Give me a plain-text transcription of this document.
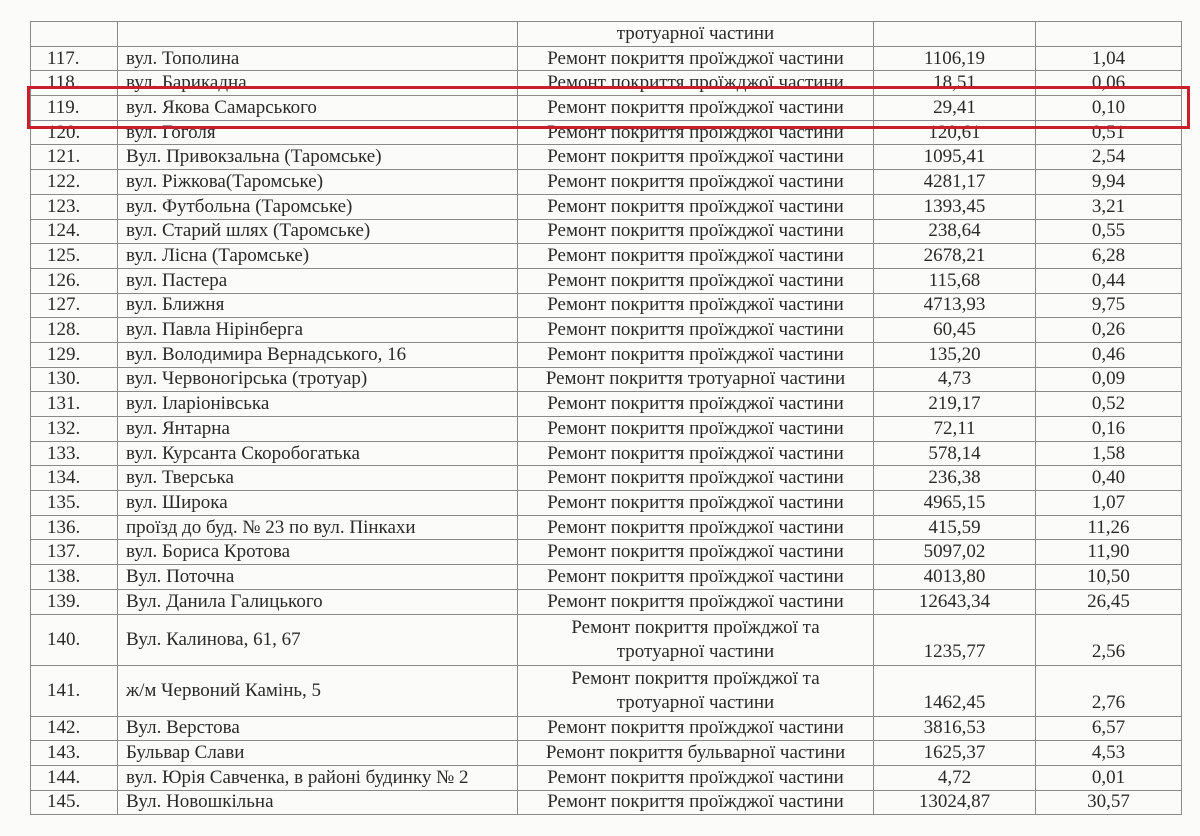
		тротуарної частини		
117.	вул. Тополина	Ремонт покриття проїжджої частини	1106,19	1,04
118.	вул. Барикадна	Ремонт покриття проїжджої частини	18,51	0,06
119.	вул. Якова Самарського	Ремонт покриття проїжджої частини	29,41	0,10
120.	вул. Гоголя	Ремонт покриття проїжджої частини	120,61	0,51
121.	Вул. Привокзальна (Таромське)	Ремонт покриття проїжджої частини	1095,41	2,54
122.	вул. Ріжкова(Таромське)	Ремонт покриття проїжджої частини	4281,17	9,94
123.	вул. Футбольна (Таромське)	Ремонт покриття проїжджої частини	1393,45	3,21
124.	вул. Старий шлях (Таромське)	Ремонт покриття проїжджої частини	238,64	0,55
125.	вул. Лісна (Таромське)	Ремонт покриття проїжджої частини	2678,21	6,28
126.	вул. Пастера	Ремонт покриття проїжджої частини	115,68	0,44
127.	вул. Ближня	Ремонт покриття проїжджої частини	4713,93	9,75
128.	вул. Павла Нірінберга	Ремонт покриття проїжджої частини	60,45	0,26
129.	вул. Володимира Вернадського, 16	Ремонт покриття проїжджої частини	135,20	0,46
130.	вул. Червоногірська (тротуар)	Ремонт покриття тротуарної частини	4,73	0,09
131.	вул. Іларіонівська	Ремонт покриття проїжджої частини	219,17	0,52
132.	вул. Янтарна	Ремонт покриття проїжджої частини	72,11	0,16
133.	вул. Курсанта Скоробогатька	Ремонт покриття проїжджої частини	578,14	1,58
134.	вул. Тверська	Ремонт покриття проїжджої частини	236,38	0,40
135.	вул. Широка	Ремонт покриття проїжджої частини	4965,15	1,07
136.	проїзд до буд. № 23 по вул. Пінкахи	Ремонт покриття проїжджої частини	415,59	11,26
137.	вул. Бориса Кротова	Ремонт покриття проїжджої частини	5097,02	11,90
138.	Вул. Поточна	Ремонт покриття проїжджої частини	4013,80	10,50
139.	Вул. Данила Галицького	Ремонт покриття проїжджої частини	12643,34	26,45
140.	Вул. Калинова, 61, 67	Ремонт покриття проїжджої та
тротуарної частини	1235,77	2,56
141.	ж/м Червоний Камінь, 5	Ремонт покриття проїжджої та
тротуарної частини	1462,45	2,76
142.	Вул. Верстова	Ремонт покриття проїжджої частини	3816,53	6,57
143.	Бульвар Слави	Ремонт покриття бульварної частини	1625,37	4,53
144.	вул. Юрія Савченка, в районі будинку № 2	Ремонт покриття проїжджої частини	4,72	0,01
145.	Вул. Новошкільна	Ремонт покриття проїжджої частини	13024,87	30,57
